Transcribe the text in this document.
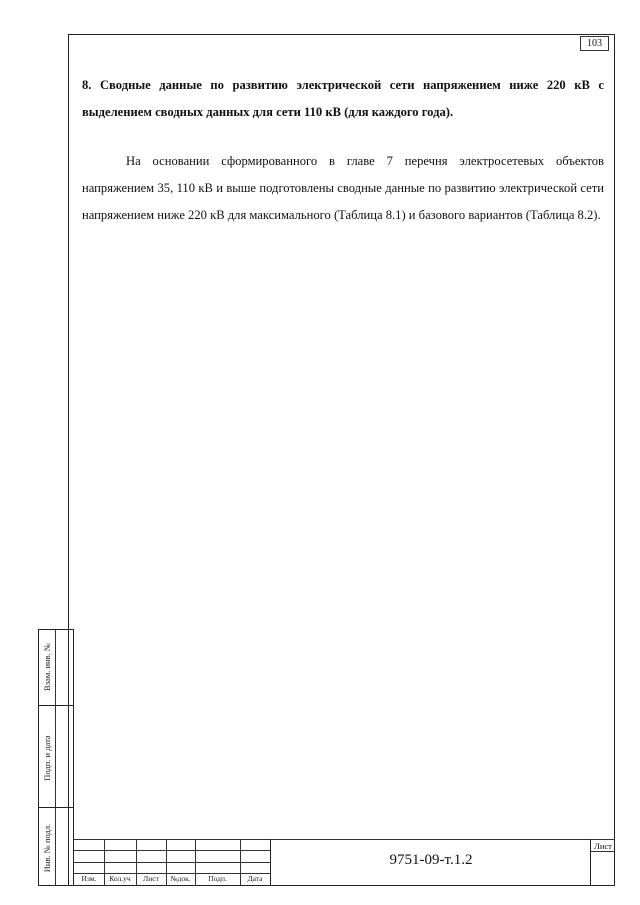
103
8. Сводные данные по развитию электрической сети напряжением ниже 220 кВ с выделением сводных данных для сети 110 кВ (для каждого года).
На основании сформированного в главе 7 перечня электросетевых объектов напряжением 35, 110 кВ и выше подготовлены сводные данные по развитию электрической сети напряжением ниже 220 кВ для максимального (Таблица 8.1) и базового вариантов (Таблица 8.2).
Взам. инв. №
Подп. и дата
Инв. № подл.
Изм.	Кол.уч	Лист	№док.	Подп.	Дата
9751-09-т.1.2
Лист
